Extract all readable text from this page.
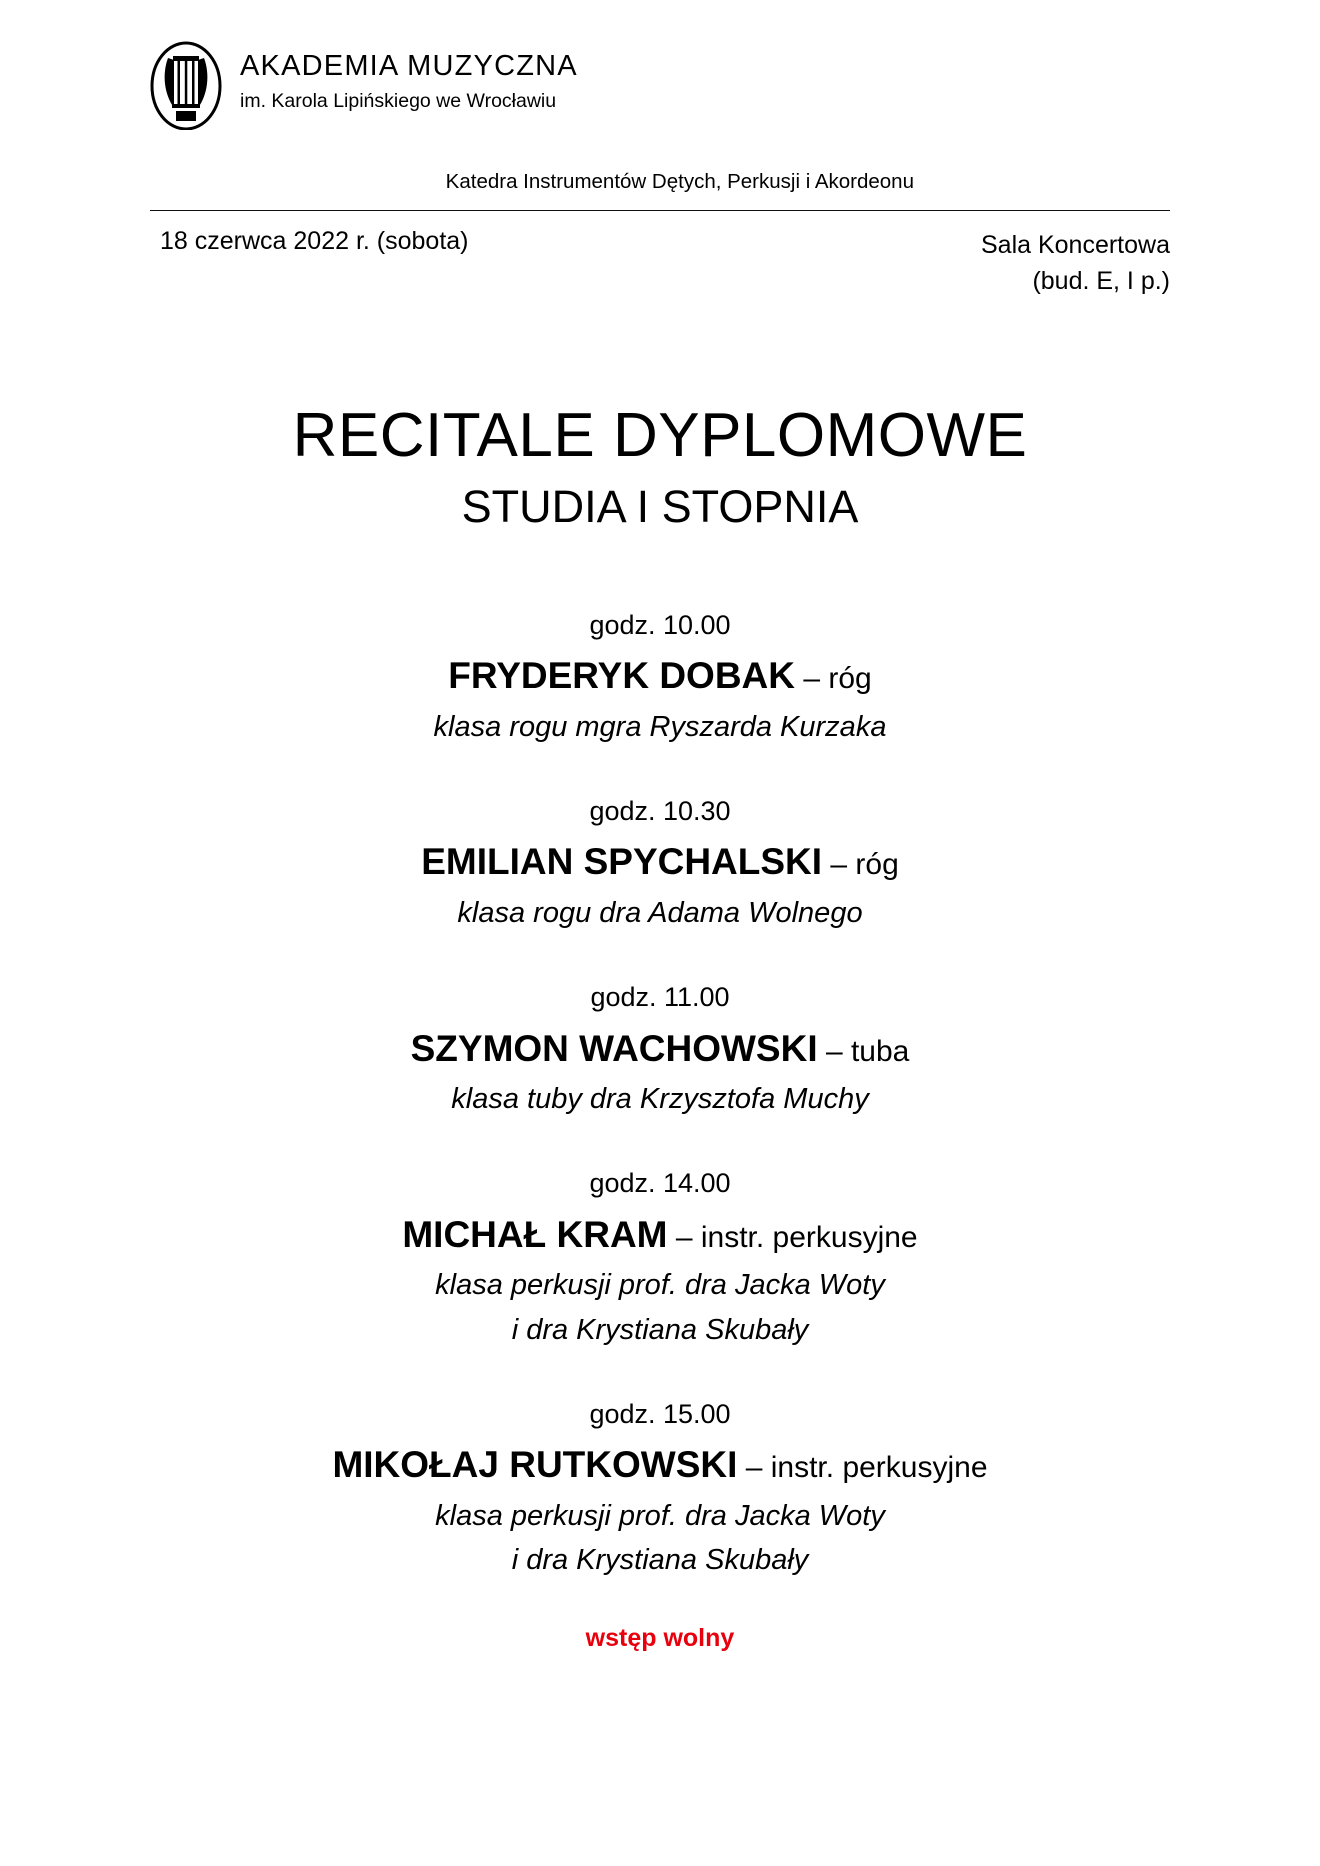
AKADEMIA MUZYCZNA
im. Karola Lipińskiego we Wrocławiu
Katedra Instrumentów Dętych, Perkusji i Akordeonu
18 czerwca 2022 r. (sobota)	Sala Koncertowa
(bud. E, I p.)
RECITALE DYPLOMOWE
STUDIA I STOPNIA
godz. 10.00
FRYDERYK DOBAK – róg
klasa rogu mgra Ryszarda Kurzaka
godz. 10.30
EMILIAN SPYCHALSKI – róg
klasa rogu dra Adama Wolnego
godz. 11.00
SZYMON WACHOWSKI – tuba
klasa tuby dra Krzysztofa Muchy
godz. 14.00
MICHAŁ KRAM – instr. perkusyjne
klasa perkusji prof. dra Jacka Woty
i dra Krystiana Skubały
godz. 15.00
MIKOŁAJ RUTKOWSKI – instr. perkusyjne
klasa perkusji prof. dra Jacka Woty
i dra Krystiana Skubały
wstęp wolny
